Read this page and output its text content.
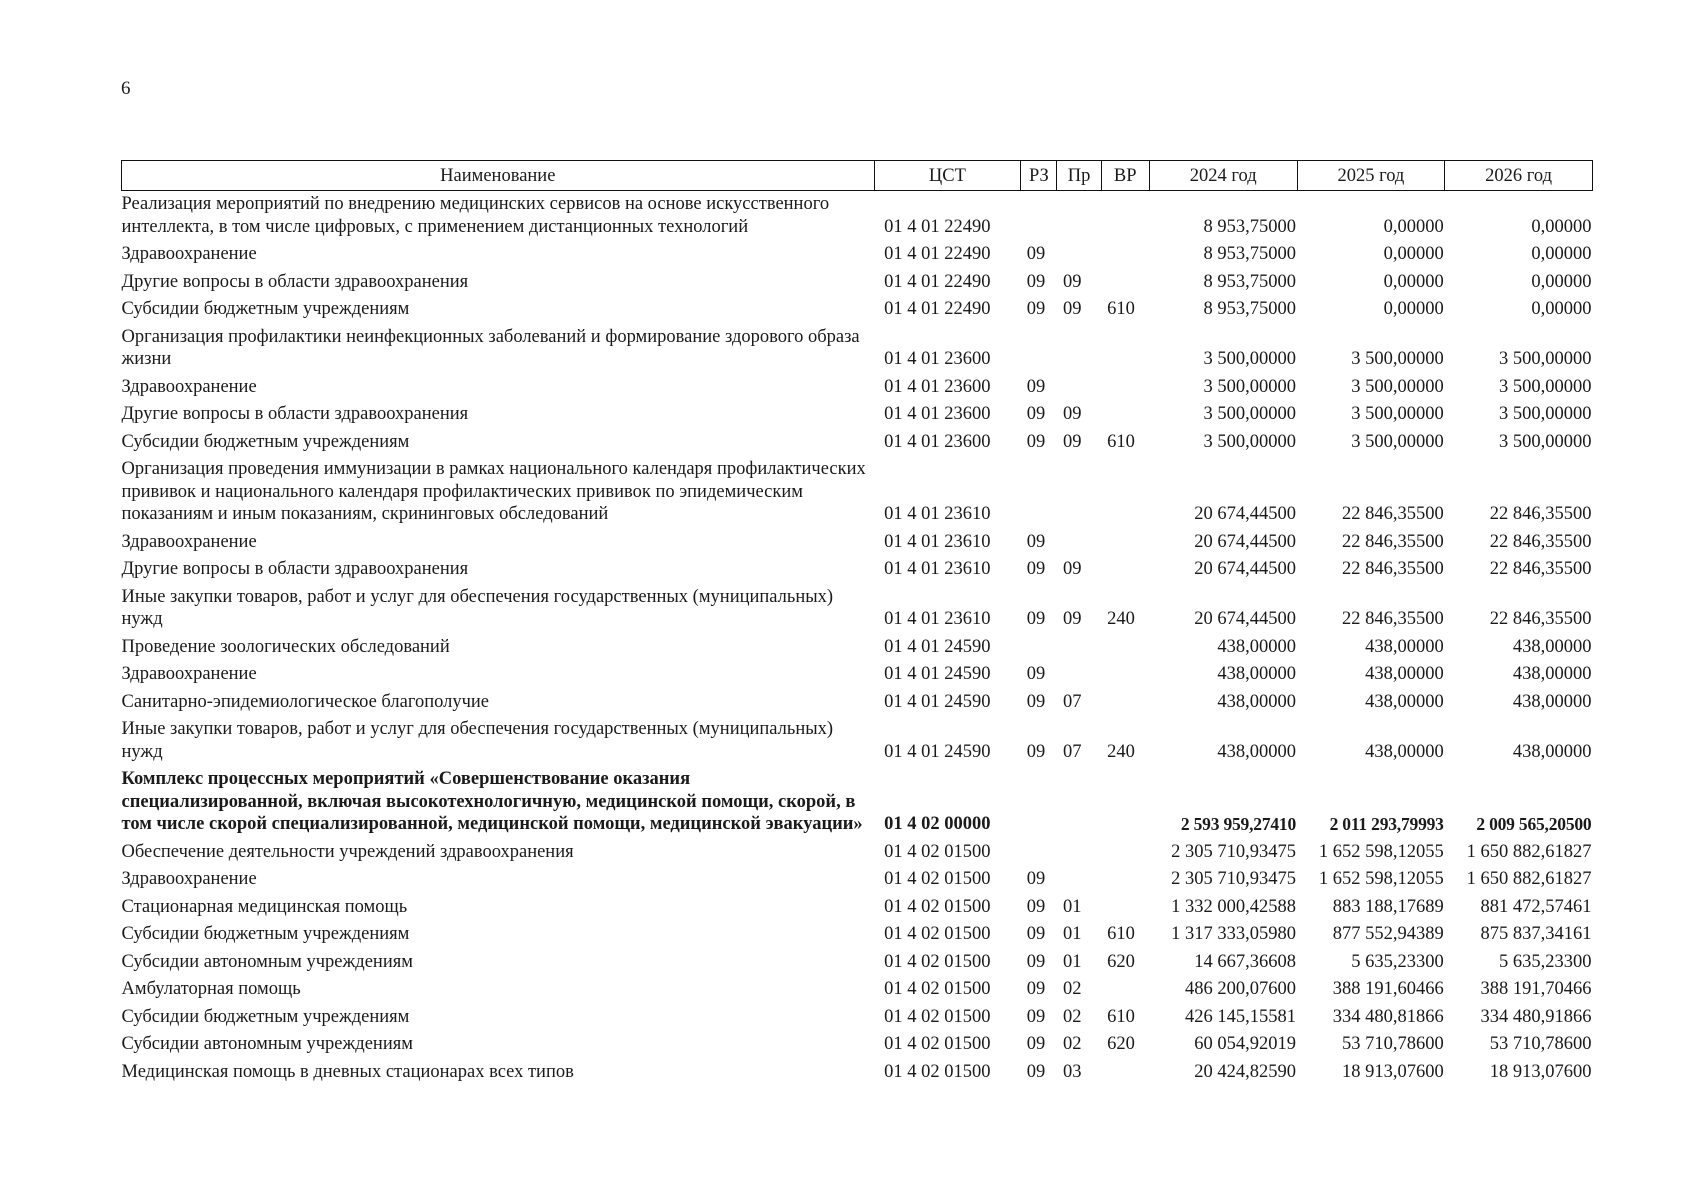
6
Наименование	ЦСТ	РЗ	Пр	ВР	2024 год	2025 год	2026 год
Реализация мероприятий по внедрению медицинских сервисов на основе искусственного интеллекта, в том числе цифровых, с применением дистанционных технологий	01 4 01 22490				8 953,75000	0,00000	0,00000
Здравоохранение	01 4 01 22490	09			8 953,75000	0,00000	0,00000
Другие вопросы в области здравоохранения	01 4 01 22490	09	09		8 953,75000	0,00000	0,00000
Субсидии бюджетным учреждениям	01 4 01 22490	09	09	610	8 953,75000	0,00000	0,00000
Организация профилактики неинфекционных заболеваний и формирование здорового образа жизни	01 4 01 23600				3 500,00000	3 500,00000	3 500,00000
Здравоохранение	01 4 01 23600	09			3 500,00000	3 500,00000	3 500,00000
Другие вопросы в области здравоохранения	01 4 01 23600	09	09		3 500,00000	3 500,00000	3 500,00000
Субсидии бюджетным учреждениям	01 4 01 23600	09	09	610	3 500,00000	3 500,00000	3 500,00000
Организация проведения иммунизации в рамках национального календаря профилактических прививок и национального календаря профилактических прививок по эпидемическим показаниям и иным показаниям, скрининговых обследований	01 4 01 23610				20 674,44500	22 846,35500	22 846,35500
Здравоохранение	01 4 01 23610	09			20 674,44500	22 846,35500	22 846,35500
Другие вопросы в области здравоохранения	01 4 01 23610	09	09		20 674,44500	22 846,35500	22 846,35500
Иные закупки товаров, работ и услуг для обеспечения государственных (муниципальных) нужд	01 4 01 23610	09	09	240	20 674,44500	22 846,35500	22 846,35500
Проведение зоологических обследований	01 4 01 24590				438,00000	438,00000	438,00000
Здравоохранение	01 4 01 24590	09			438,00000	438,00000	438,00000
Санитарно-эпидемиологическое благополучие	01 4 01 24590	09	07		438,00000	438,00000	438,00000
Иные закупки товаров, работ и услуг для обеспечения государственных (муниципальных) нужд	01 4 01 24590	09	07	240	438,00000	438,00000	438,00000
Комплекс процессных мероприятий «Совершенствование оказания специализированной, включая высокотехнологичную, медицинской помощи, скорой, в том числе скорой специализированной, медицинской помощи, медицинской эвакуации»	01 4 02 00000				2 593 959,27410	2 011 293,79993	2 009 565,20500
Обеспечение деятельности учреждений здравоохранения	01 4 02 01500				2 305 710,93475	1 652 598,12055	1 650 882,61827
Здравоохранение	01 4 02 01500	09			2 305 710,93475	1 652 598,12055	1 650 882,61827
Стационарная медицинская помощь	01 4 02 01500	09	01		1 332 000,42588	883 188,17689	881 472,57461
Субсидии бюджетным учреждениям	01 4 02 01500	09	01	610	1 317 333,05980	877 552,94389	875 837,34161
Субсидии автономным учреждениям	01 4 02 01500	09	01	620	14 667,36608	5 635,23300	5 635,23300
Амбулаторная помощь	01 4 02 01500	09	02		486 200,07600	388 191,60466	388 191,70466
Субсидии бюджетным учреждениям	01 4 02 01500	09	02	610	426 145,15581	334 480,81866	334 480,91866
Субсидии автономным учреждениям	01 4 02 01500	09	02	620	60 054,92019	53 710,78600	53 710,78600
Медицинская помощь в дневных стационарах всех типов	01 4 02 01500	09	03		20 424,82590	18 913,07600	18 913,07600
